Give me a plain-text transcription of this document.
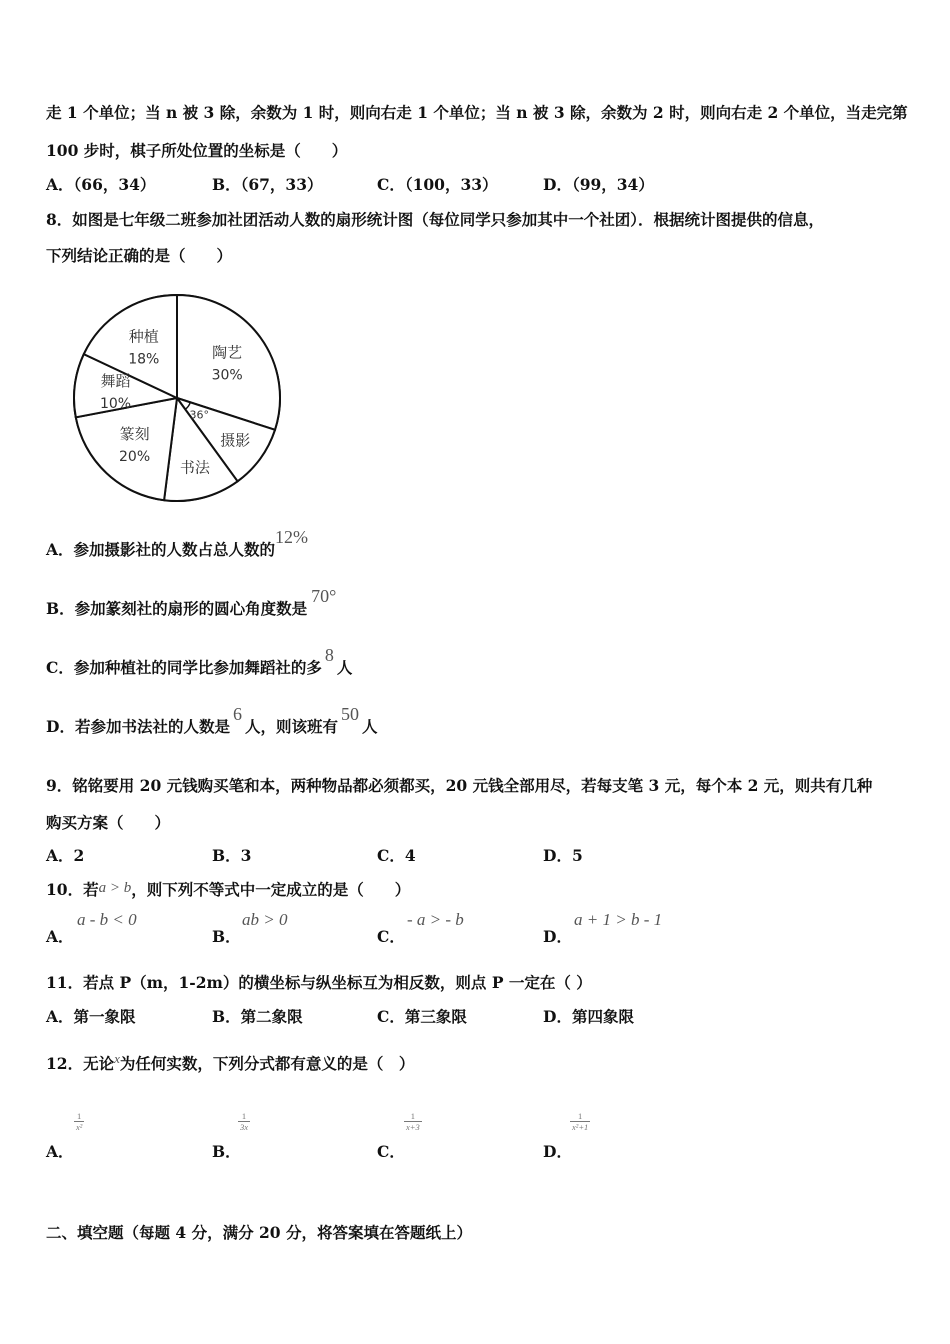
走 1 个单位；当 n 被 3 除，余数为 1 时，则向右走 1 个单位；当 n 被 3 除，余数为 2 时，则向右走 2 个单位，当走完第
100 步时，棋子所处位置的坐标是（　　）
A．（66，34）	B．（67，33）	C．（100，33）	D．（99，34）
8．如图是七年级二班参加社团活动人数的扇形统计图（每位同学只参加其中一个社团）．根据统计图提供的信息，
下列结论正确的是（　　）
陶艺
30%
摄影
书法
篆刻
20%
舞蹈
10%
种植
18%
36°
A．参加摄影社的人数占总人数的12%
B．参加篆刻社的扇形的圆心角度数是70°
C．参加种植社的同学比参加舞蹈社的多8人
D．若参加书法社的人数是6人，则该班有50人
9．铭铭要用 20 元钱购买笔和本，两种物品都必须都买，20 元钱全部用尽，若每支笔 3 元，每个本 2 元，则共有几种
购买方案（　　）
A．2	B．3	C．4	D．5
10．若a > b，则下列不等式中一定成立的是（　　）
A．
a - b < 0
B．
ab > 0
C．
- a > - b
D．
a + 1 > b - 1
11．若点 P（m，1-2m）的横坐标与纵坐标互为相反数，则点 P 一定在（ ）
A．第一象限	B．第二象限	C．第三象限	D．第四象限
12．无论$^x$为任何实数，下列分式都有意义的是（　）
1
x²
A．
1
3x
B．
1
x+3
C．
1
x²+1
D．
二、填空题（每题 4 分，满分 20 分，将答案填在答题纸上）
